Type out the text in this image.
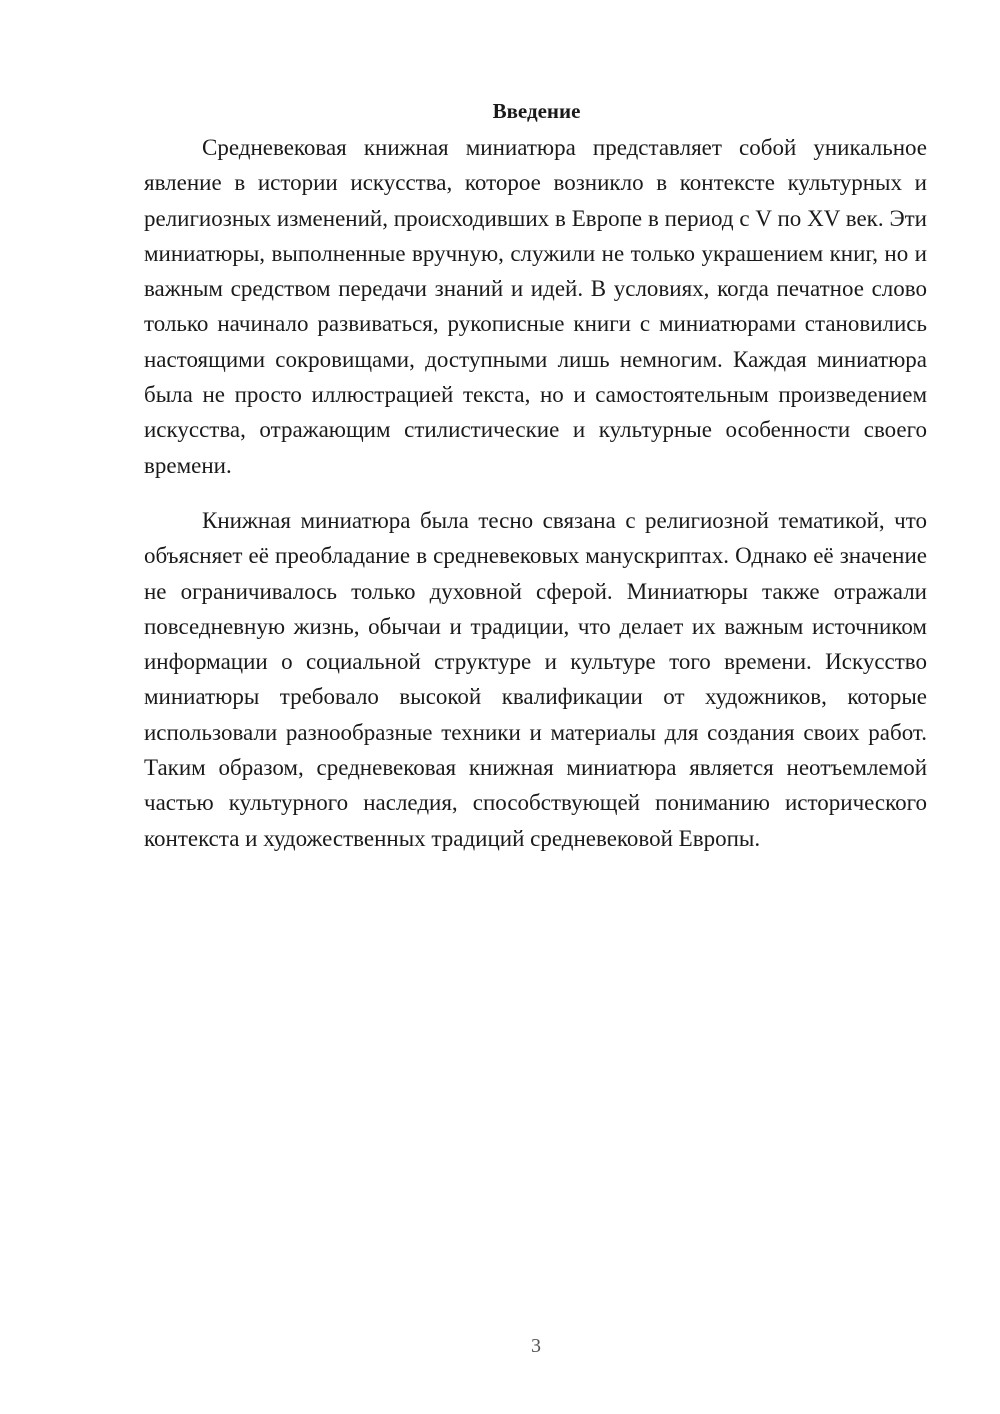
Введение

Средневековая книжная миниатюра представляет собой уникальное явление в истории искусства, которое возникло в контексте культурных и религиозных изменений, происходивших в Европе в период с V по XV век. Эти миниатюры, выполненные вручную, служили не только украшением книг, но и важным средством передачи знаний и идей. В условиях, когда печатное слово только начинало развиваться, рукописные книги с миниатюрами становились настоящими сокровищами, доступными лишь немногим. Каждая миниатюра была не просто иллюстрацией текста, но и самостоятельным произведением искусства, отражающим стилистические и культурные особенности своего времени.

Книжная миниатюра была тесно связана с религиозной тематикой, что объясняет её преобладание в средневековых манускриптах. Однако её значение не ограничивалось только духовной сферой. Миниатюры также отражали повседневную жизнь, обычаи и традиции, что делает их важным источником информации о социальной структуре и культуре того времени. Искусство миниатюры требовало высокой квалификации от художников, которые использовали разнообразные техники и материалы для создания своих работ. Таким образом, средневековая книжная миниатюра является неотъемлемой частью культурного наследия, способствующей пониманию исторического контекста и художественных традиций средневековой Европы.

3
